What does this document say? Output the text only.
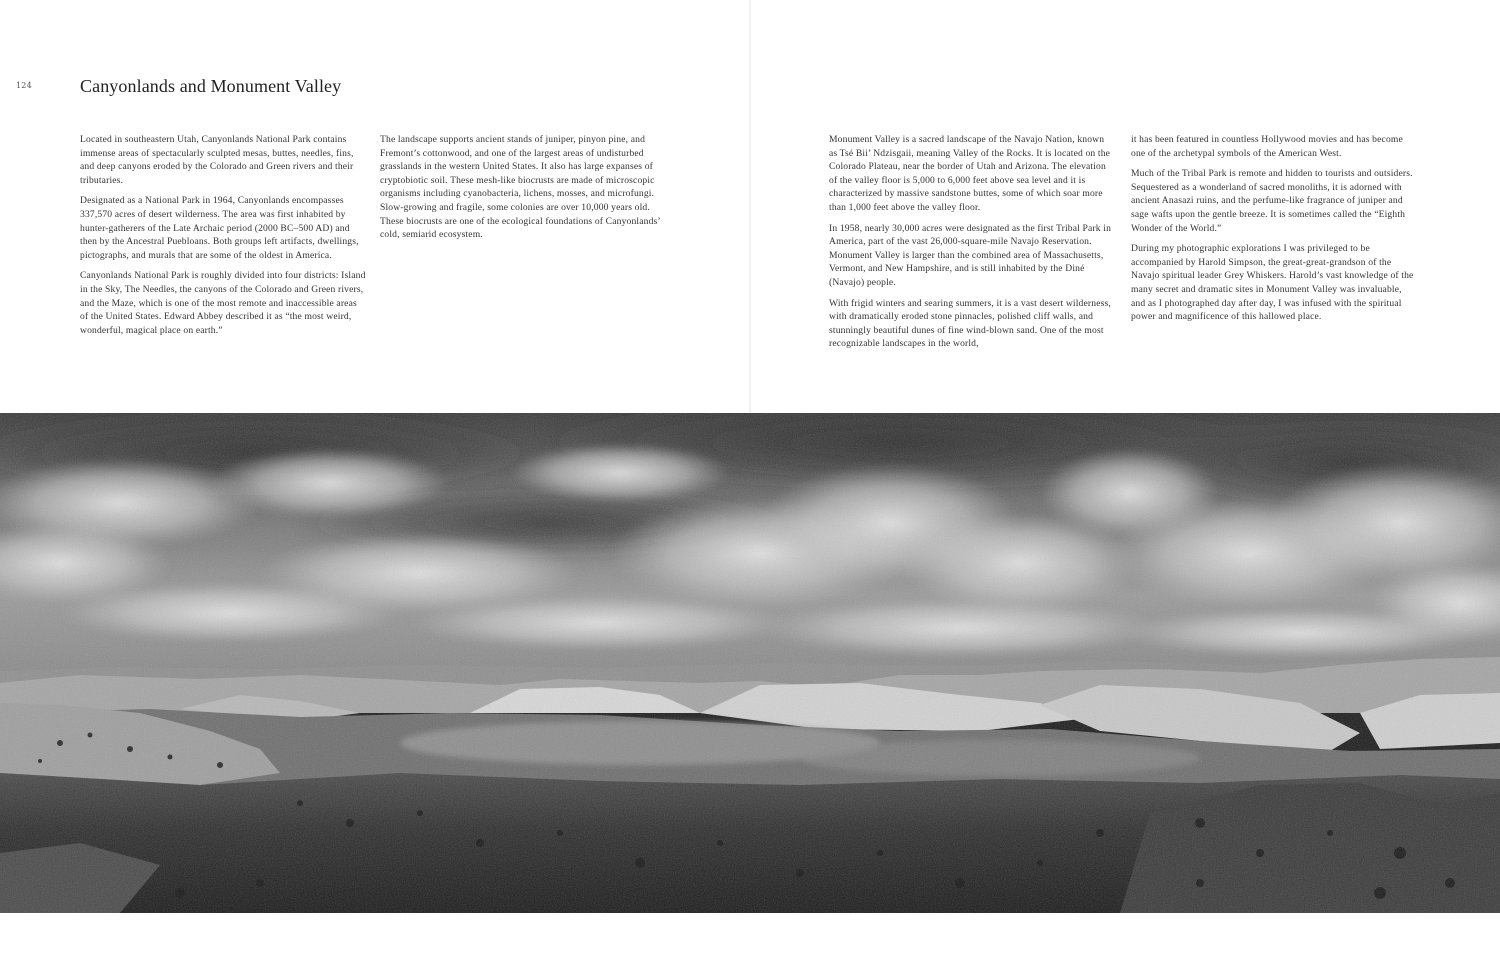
124	Canyonlands and Monument Valley

Located in southeastern Utah, Canyonlands National Park contains immense areas of spectacularly sculpted mesas, buttes, needles, fins, and deep canyons eroded by the Colorado and Green rivers and their tributaries.

Designated as a National Park in 1964, Canyonlands encompasses 337,570 acres of desert wilderness. The area was first inhabited by hunter-gatherers of the Late Archaic period (2000 BC–500 AD) and then by the Ancestral Puebloans. Both groups left artifacts, dwellings, pictographs, and murals that are some of the oldest in America.

Canyonlands National Park is roughly divided into four districts: Island in the Sky, The Needles, the canyons of the Colorado and Green rivers, and the Maze, which is one of the most remote and inaccessible areas of the United States. Edward Abbey described it as “the most weird, wonderful, magical place on earth.”

The landscape supports ancient stands of juniper, pinyon pine, and Fremont’s cottonwood, and one of the largest areas of undisturbed grasslands in the western United States. It also has large expanses of cryptobiotic soil. These mesh-like biocrusts are made of microscopic organisms including cyanobacteria, lichens, mosses, and microfungi. Slow-growing and fragile, some colonies are over 10,000 years old. These biocrusts are one of the ecological foundations of Canyonlands’ cold, semiarid ecosystem.

Monument Valley is a sacred landscape of the Navajo Nation, known as Tsé Bii’ Ndzisgaii, meaning Valley of the Rocks. It is located on the Colorado Plateau, near the border of Utah and Arizona. The elevation of the valley floor is 5,000 to 6,000 feet above sea level and it is characterized by massive sandstone buttes, some of which soar more than 1,000 feet above the valley floor.

In 1958, nearly 30,000 acres were designated as the first Tribal Park in America, part of the vast 26,000-square-mile Navajo Reservation. Monument Valley is larger than the combined area of Massachusetts, Vermont, and New Hampshire, and is still inhabited by the Diné (Navajo) people.

With frigid winters and searing summers, it is a vast desert wilderness, with dramatically eroded stone pinnacles, polished cliff walls, and stunningly beautiful dunes of fine wind-blown sand. One of the most recognizable landscapes in the world,

it has been featured in countless Hollywood movies and has become one of the archetypal symbols of the American West.

Much of the Tribal Park is remote and hidden to tourists and outsiders. Sequestered as a wonderland of sacred monoliths, it is adorned with ancient Anasazi ruins, and the perfume-like fragrance of juniper and sage wafts upon the gentle breeze. It is sometimes called the “Eighth Wonder of the World.”

During my photographic explorations I was privileged to be accompanied by Harold Simpson, the great-great-grandson of the Navajo spiritual leader Grey Whiskers. Harold’s vast knowledge of the many secret and dramatic sites in Monument Valley was invaluable, and as I photographed day after day, I was infused with the spiritual power and magnificence of this hallowed place.
